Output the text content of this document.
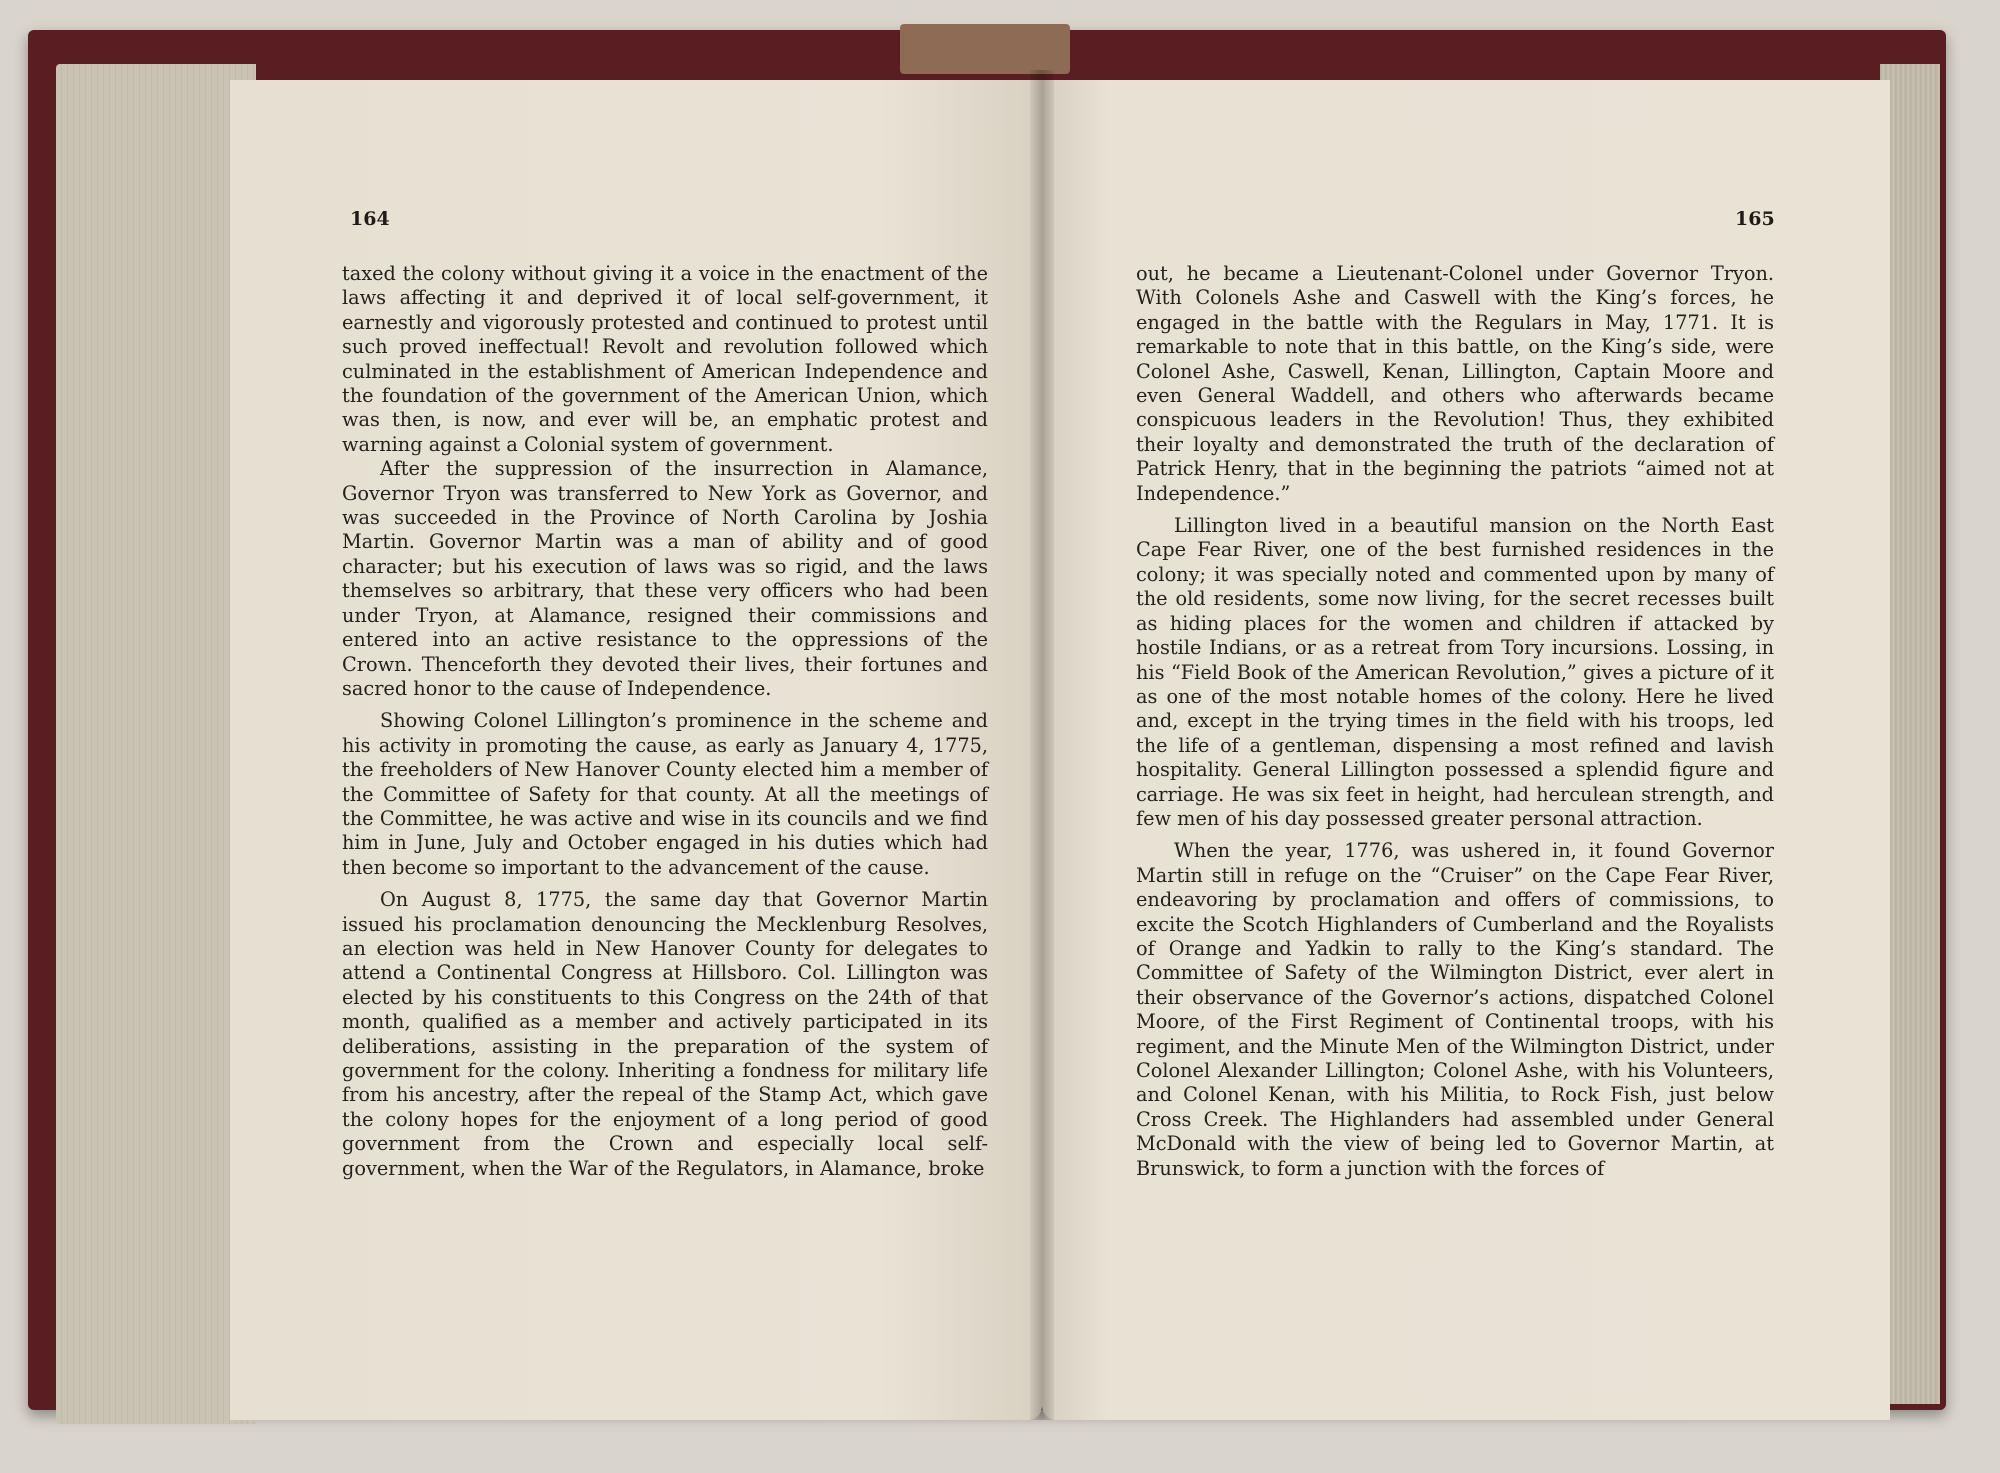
164	165

taxed the colony without giving it a voice in the enactment of the laws affecting it and deprived it of local self-government, it earnestly and vigorously protested and continued to protest until such proved ineffectual! Revolt and revolution followed which culminated in the establishment of American Independence and the foundation of the government of the American Union, which was then, is now, and ever will be, an emphatic protest and warning against a Colonial system of government.

After the suppression of the insurrection in Alamance, Governor Tryon was transferred to New York as Governor, and was succeeded in the Province of North Carolina by Joshia Martin. Governor Martin was a man of ability and of good character; but his execution of laws was so rigid, and the laws themselves so arbitrary, that these very officers who had been under Tryon, at Alamance, resigned their commissions and entered into an active resistance to the oppressions of the Crown. Thenceforth they devoted their lives, their fortunes and sacred honor to the cause of Independence.

Showing Colonel Lillington’s prominence in the scheme and his activity in promoting the cause, as early as January 4, 1775, the freeholders of New Hanover County elected him a member of the Committee of Safety for that county. At all the meetings of the Committee, he was active and wise in its councils and we find him in June, July and October engaged in his duties which had then become so important to the advancement of the cause.

On August 8, 1775, the same day that Governor Martin issued his proclamation denouncing the Mecklenburg Resolves, an election was held in New Hanover County for delegates to attend a Continental Congress at Hillsboro. Col. Lillington was elected by his constituents to this Congress on the 24th of that month, qualified as a member and actively participated in its deliberations, assisting in the preparation of the system of government for the colony. Inheriting a fondness for military life from his ancestry, after the repeal of the Stamp Act, which gave the colony hopes for the enjoyment of a long period of good government from the Crown and especially local self-government, when the War of the Regulators, in Alamance, broke

out, he became a Lieutenant-Colonel under Governor Tryon. With Colonels Ashe and Caswell with the King’s forces, he engaged in the battle with the Regulars in May, 1771. It is remarkable to note that in this battle, on the King’s side, were Colonel Ashe, Caswell, Kenan, Lillington, Captain Moore and even General Waddell, and others who afterwards became conspicuous leaders in the Revolution! Thus, they exhibited their loyalty and demonstrated the truth of the declaration of Patrick Henry, that in the beginning the patriots “aimed not at Independence.”

Lillington lived in a beautiful mansion on the North East Cape Fear River, one of the best furnished residences in the colony; it was specially noted and commented upon by many of the old residents, some now living, for the secret recesses built as hiding places for the women and children if attacked by hostile Indians, or as a retreat from Tory incursions. Lossing, in his “Field Book of the American Revolution,” gives a picture of it as one of the most notable homes of the colony. Here he lived and, except in the trying times in the field with his troops, led the life of a gentleman, dispensing a most refined and lavish hospitality. General Lillington possessed a splendid figure and carriage. He was six feet in height, had herculean strength, and few men of his day possessed greater personal attraction.

When the year, 1776, was ushered in, it found Governor Martin still in refuge on the “Cruiser” on the Cape Fear River, endeavoring by proclamation and offers of commissions, to excite the Scotch Highlanders of Cumberland and the Royalists of Orange and Yadkin to rally to the King’s standard. The Committee of Safety of the Wilmington District, ever alert in their observance of the Governor’s actions, dispatched Colonel Moore, of the First Regiment of Continental troops, with his regiment, and the Minute Men of the Wilmington District, under Colonel Alexander Lillington; Colonel Ashe, with his Volunteers, and Colonel Kenan, with his Militia, to Rock Fish, just below Cross Creek. The Highlanders had assembled under General McDonald with the view of being led to Governor Martin, at Brunswick, to form a junction with the forces of
